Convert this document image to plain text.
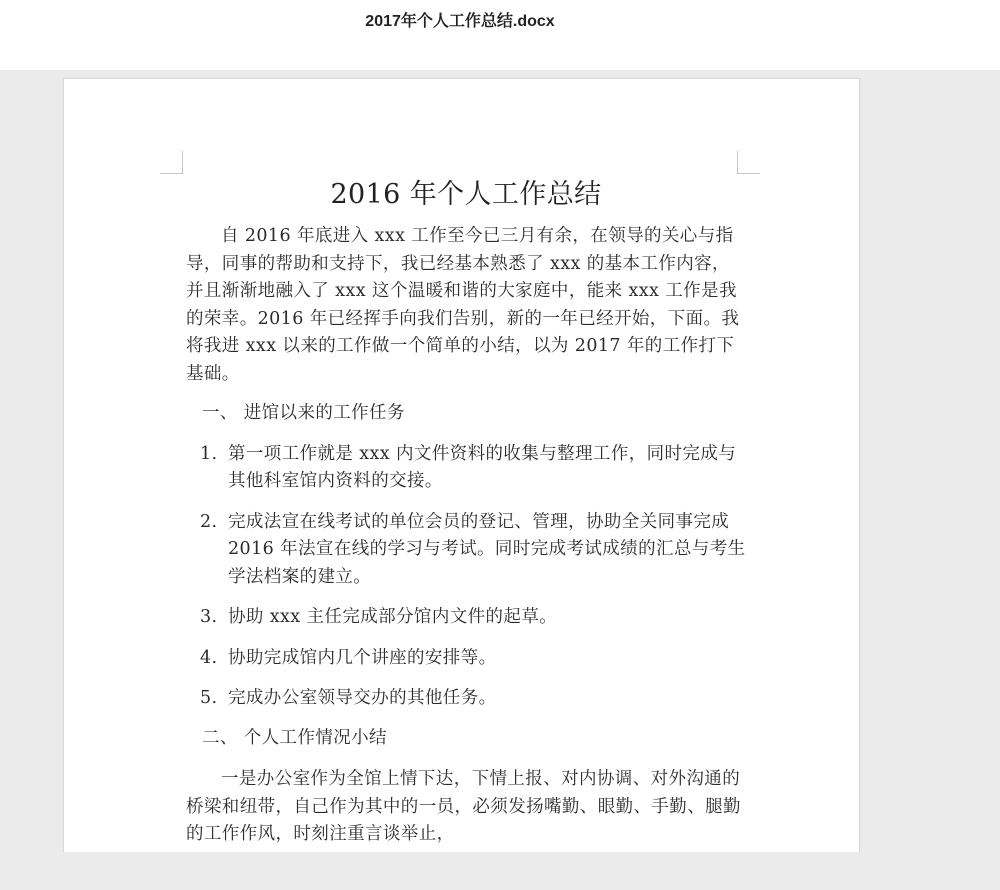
2017年个人工作总结.docx
2016 年个人工作总结

自 2016 年底进入 xxx 工作至今已三月有余，在领导的关心与指导，同事的帮助和支持下，我已经基本熟悉了 xxx 的基本工作内容，并且渐渐地融入了 xxx 这个温暖和谐的大家庭中，能来 xxx 工作是我的荣幸。2016 年已经挥手向我们告别，新的一年已经开始，下面。我将我进 xxx 以来的工作做一个简单的小结，以为 2017 年的工作打下基础。

一、 进馆以来的工作任务

1. 第一项工作就是 xxx 内文件资料的收集与整理工作，同时完成与其他科室馆内资料的交接。
2. 完成法宣在线考试的单位会员的登记、管理，协助全关同事完成 2016 年法宣在线的学习与考试。同时完成考试成绩的汇总与考生学法档案的建立。
3. 协助 xxx 主任完成部分馆内文件的起草。
4. 协助完成馆内几个讲座的安排等。
5. 完成办公室领导交办的其他任务。

二、 个人工作情况小结

一是办公室作为全馆上情下达，下情上报、对内协调、对外沟通的桥梁和纽带，自己作为其中的一员，必须发扬嘴勤、眼勤、手勤、腿勤的工作作风，时刻注重言谈举止，
